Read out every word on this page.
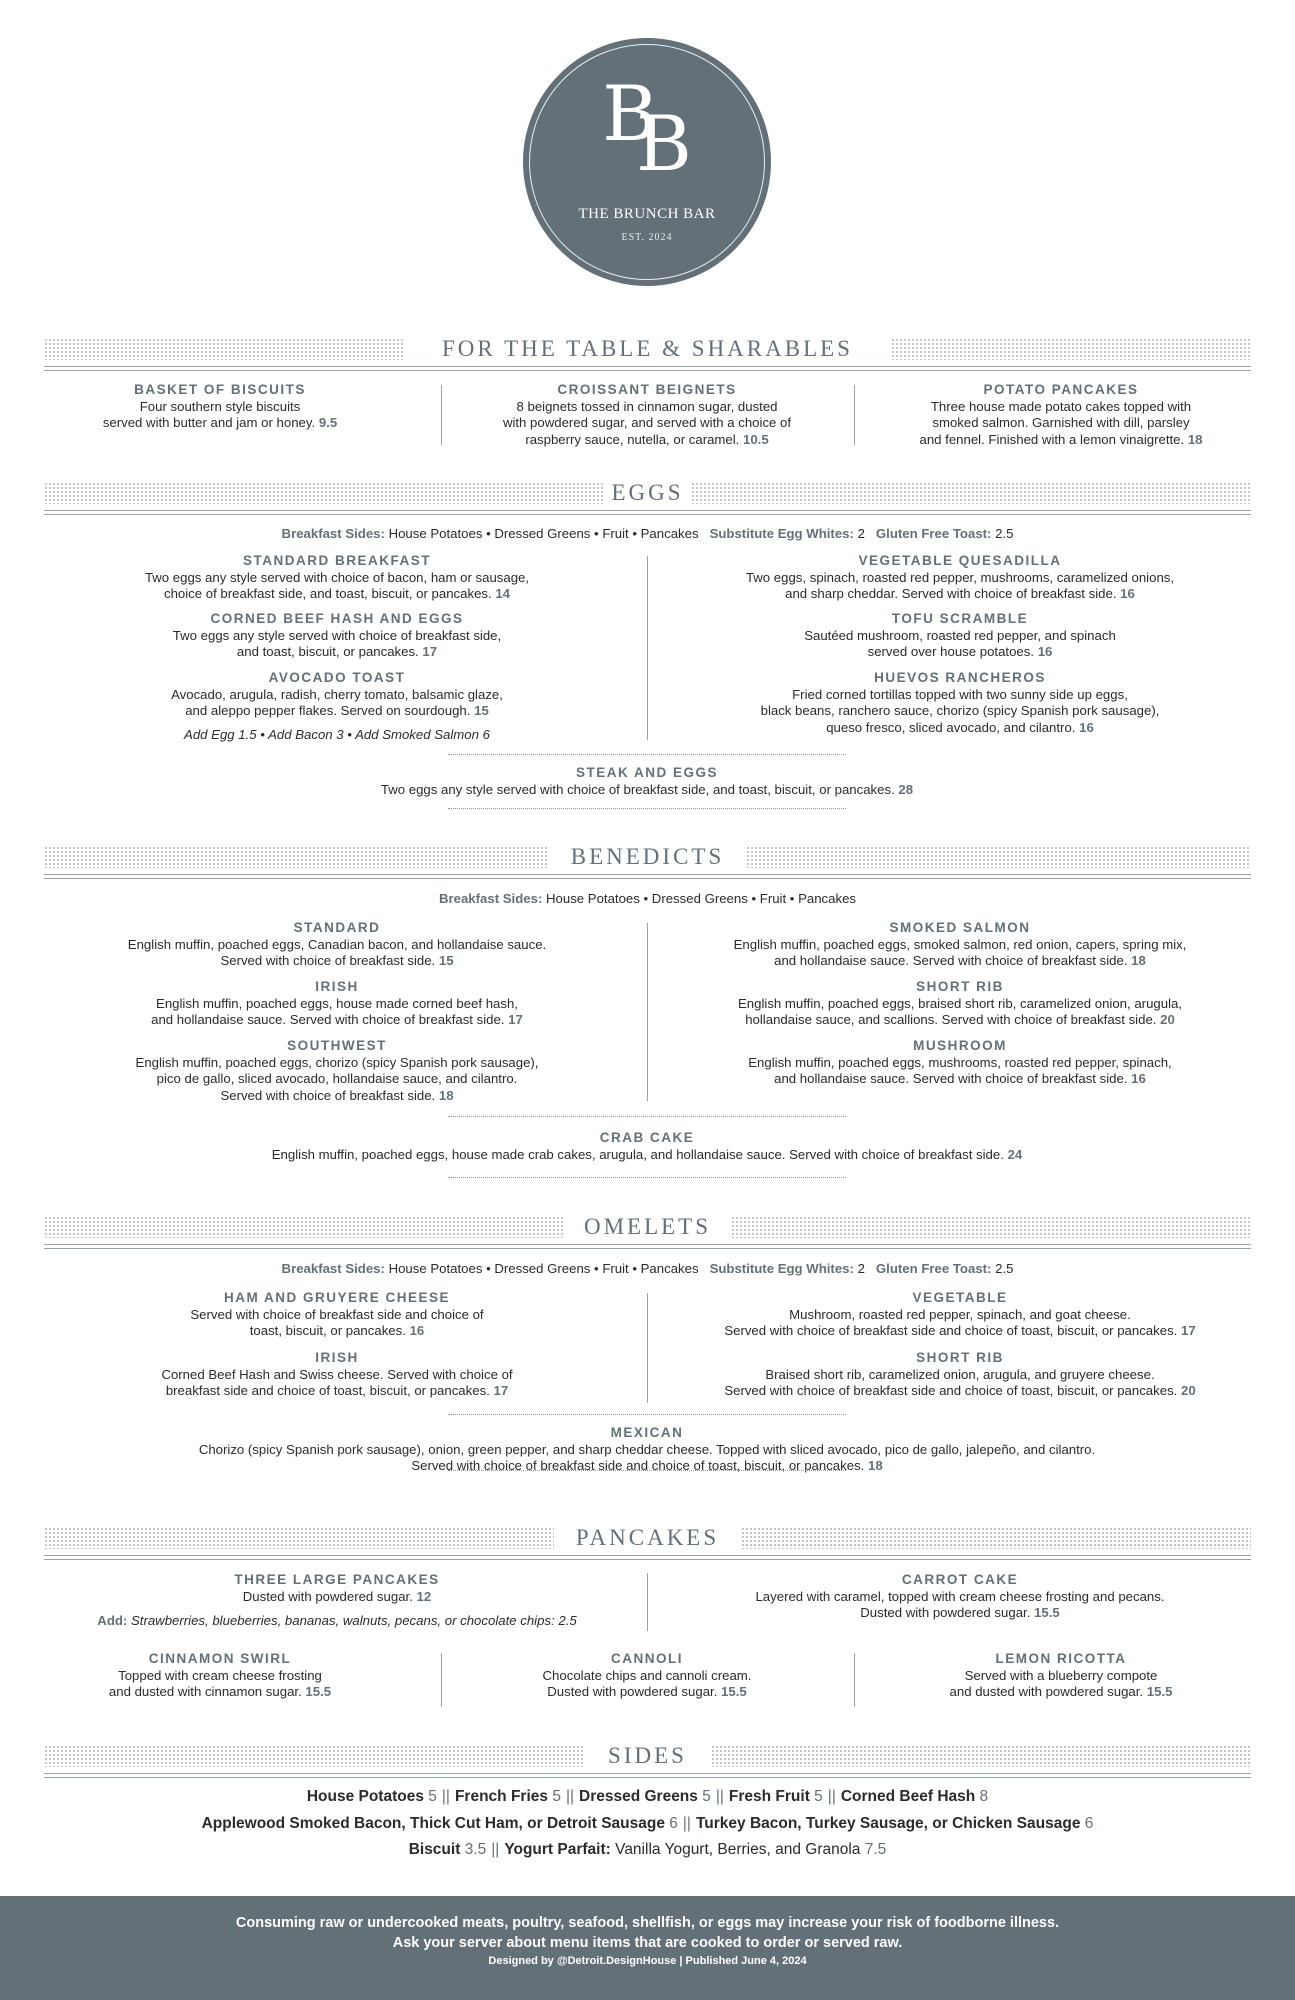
BB
THE BRUNCH BAR
EST. 2024
FOR THE TABLE & SHARABLES
EGGS
BENEDICTS
OMELETS
PANCAKES
SIDES
BASKET OF BISCUITS
Four southern style biscuits
served with butter and jam or honey. 9.5
CROISSANT BEIGNETS
8 beignets tossed in cinnamon sugar, dusted
with powdered sugar, and served with a choice of
raspberry sauce, nutella, or caramel. 10.5
POTATO PANCAKES
Three house made potato cakes topped with
smoked salmon. Garnished with dill, parsley
and fennel. Finished with a lemon vinaigrette. 18
Breakfast Sides: House Potatoes • Dressed Greens • Fruit • Pancakes Substitute Egg Whites: 2 Gluten Free Toast: 2.5
STANDARD BREAKFAST
Two eggs any style served with choice of bacon, ham or sausage,
choice of breakfast side, and toast, biscuit, or pancakes. 14
CORNED BEEF HASH AND EGGS
Two eggs any style served with choice of breakfast side,
and toast, biscuit, or pancakes. 17
AVOCADO TOAST
Avocado, arugula, radish, cherry tomato, balsamic glaze,
and aleppo pepper flakes. Served on sourdough. 15
Add Egg 1.5 • Add Bacon 3 • Add Smoked Salmon 6
VEGETABLE QUESADILLA
Two eggs, spinach, roasted red pepper, mushrooms, caramelized onions,
and sharp cheddar. Served with choice of breakfast side. 16
TOFU SCRAMBLE
Sautéed mushroom, roasted red pepper, and spinach
served over house potatoes. 16
HUEVOS RANCHEROS
Fried corned tortillas topped with two sunny side up eggs,
black beans, ranchero sauce, chorizo (spicy Spanish pork sausage),
queso fresco, sliced avocado, and cilantro. 16
STEAK AND EGGS
Two eggs any style served with choice of breakfast side, and toast, biscuit, or pancakes. 28
Breakfast Sides: House Potatoes • Dressed Greens • Fruit • Pancakes
STANDARD
English muffin, poached eggs, Canadian bacon, and hollandaise sauce.
Served with choice of breakfast side. 15
IRISH
English muffin, poached eggs, house made corned beef hash,
and hollandaise sauce. Served with choice of breakfast side. 17
SOUTHWEST
English muffin, poached eggs, chorizo (spicy Spanish pork sausage),
pico de gallo, sliced avocado, hollandaise sauce, and cilantro.
Served with choice of breakfast side. 18
SMOKED SALMON
English muffin, poached eggs, smoked salmon, red onion, capers, spring mix,
and hollandaise sauce. Served with choice of breakfast side. 18
SHORT RIB
English muffin, poached eggs, braised short rib, caramelized onion, arugula,
hollandaise sauce, and scallions. Served with choice of breakfast side. 20
MUSHROOM
English muffin, poached eggs, mushrooms, roasted red pepper, spinach,
and hollandaise sauce. Served with choice of breakfast side. 16
CRAB CAKE
English muffin, poached eggs, house made crab cakes, arugula, and hollandaise sauce. Served with choice of breakfast side. 24
Breakfast Sides: House Potatoes • Dressed Greens • Fruit • Pancakes Substitute Egg Whites: 2 Gluten Free Toast: 2.5
HAM AND GRUYERE CHEESE
Served with choice of breakfast side and choice of
toast, biscuit, or pancakes. 16
IRISH
Corned Beef Hash and Swiss cheese. Served with choice of
breakfast side and choice of toast, biscuit, or pancakes. 17
VEGETABLE
Mushroom, roasted red pepper, spinach, and goat cheese.
Served with choice of breakfast side and choice of toast, biscuit, or pancakes. 17
SHORT RIB
Braised short rib, caramelized onion, arugula, and gruyere cheese.
Served with choice of breakfast side and choice of toast, biscuit, or pancakes. 20
MEXICAN
Chorizo (spicy Spanish pork sausage), onion, green pepper, and sharp cheddar cheese. Topped with sliced avocado, pico de gallo, jalepeño, and cilantro.
Served with choice of breakfast side and choice of toast, biscuit, or pancakes. 18
THREE LARGE PANCAKES
Dusted with powdered sugar. 12
Add: Strawberries, blueberries, bananas, walnuts, pecans, or chocolate chips: 2.5
CARROT CAKE
Layered with caramel, topped with cream cheese frosting and pecans.
Dusted with powdered sugar. 15.5
CINNAMON SWIRL
Topped with cream cheese frosting
and dusted with cinnamon sugar. 15.5
CANNOLI
Chocolate chips and cannoli cream.
Dusted with powdered sugar. 15.5
LEMON RICOTTA
Served with a blueberry compote
and dusted with powdered sugar. 15.5
House Potatoes 5 || French Fries 5 || Dressed Greens 5 || Fresh Fruit 5 || Corned Beef Hash 8
Applewood Smoked Bacon, Thick Cut Ham, or Detroit Sausage 6 || Turkey Bacon, Turkey Sausage, or Chicken Sausage 6
Biscuit 3.5 || Yogurt Parfait: Vanilla Yogurt, Berries, and Granola 7.5
Consuming raw or undercooked meats, poultry, seafood, shellfish, or eggs may increase your risk of foodborne illness.
Ask your server about menu items that are cooked to order or served raw.
Designed by @Detroit.DesignHouse | Published June 4, 2024
